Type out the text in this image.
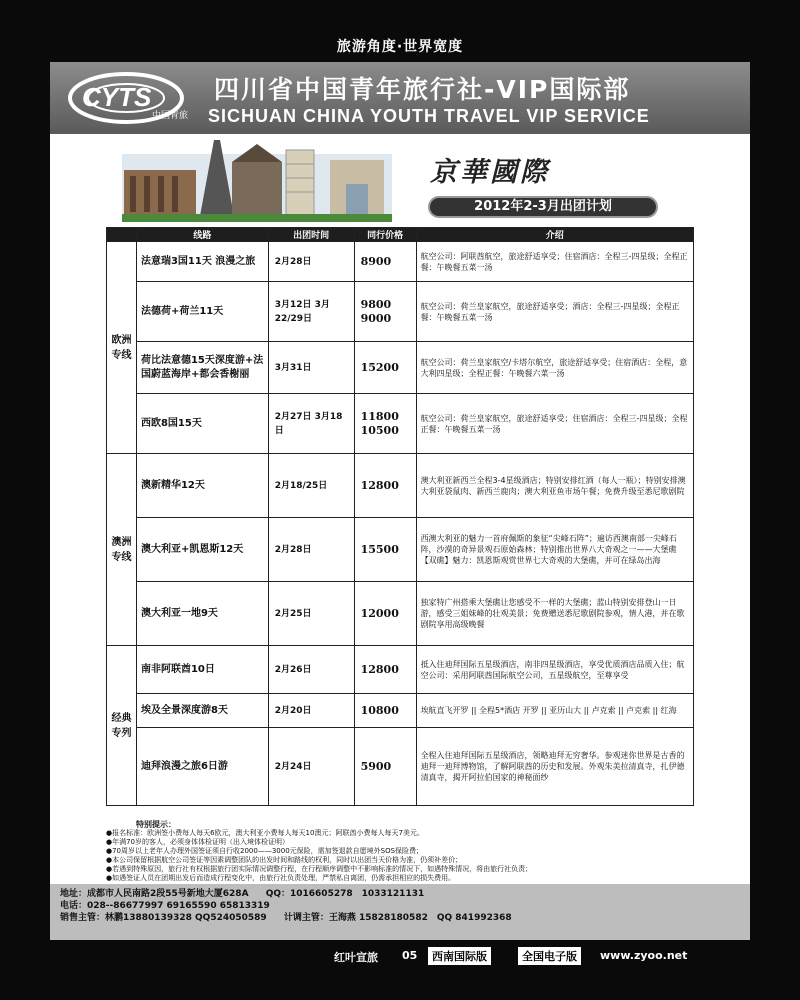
旅游角度·世界宽度
CYTS
中国青旅
四川省中国青年旅行社-VIP国际部
SICHUAN CHINA YOUTH TRAVEL VIP SERVICE
京華國際
2012年2-3月出团计划
	线路	出团时间	同行价格	介绍
欧洲专线	法意瑞3国11天 浪漫之旅	2月28日	8900	航空公司：阿联酋航空，旅途舒适享受；住宿酒店：全程三-四星级；全程正餐：午晚餐五菜一汤
	法德荷+荷兰11天	3月12日 3月22/29日	9800 9000	航空公司：荷兰皇家航空，旅途舒适享受；酒店：全程三-四星级；全程正餐：午晚餐五菜一汤
	荷比法意德15天深度游+法国蔚蓝海岸+都会香榭丽	3月31日	15200	航空公司：荷兰皇家航空/卡塔尔航空，旅途舒适享受；住宿酒店：全程，意大利四星级；全程正餐：午晚餐六菜一汤
	西欧8国15天	2月27日 3月18日	11800 10500	航空公司：荷兰皇家航空，旅途舒适享受；住宿酒店：全程三-四星级；全程正餐：午晚餐五菜一汤
澳洲专线	澳新精华12天	2月18/25日	12800	澳大利亚新西兰全程3-4星级酒店；特别安排红酒（每人一瓶）；特别安排澳大利亚袋鼠肉、新西兰鹿肉；澳大利亚鱼市场午餐；免费升级至悉尼歌剧院
	澳大利亚+凯恩斯12天	2月28日	15500	西澳大利亚的魅力一首府佩斯的象征“尖峰石阵”；遍访西澳南部一尖峰石阵，沙漠的奇异景观石原始森林；特别推出世界八大奇观之一——大堡礁【双礁】魅力：凯恩斯观赏世界七大奇观的大堡礁，并可在绿岛出海
	澳大利亚一地9天	2月25日	12000	独家特广州搭乘大堡礁让您感受不一样的大堡礁；蓝山特别安排登山一日游，感受三姐妹峰的壮观美景；免费赠送悉尼歌剧院参观，情人港，并在歌剧院享用高级晚餐
经典专列	南非阿联酋10日	2月26日	12800	抵入住迪拜国际五星级酒店，南非四星级酒店，享受优质酒店品质入住；航空公司：采用阿联酋国际航空公司，五星级航空，至尊享受
	埃及全景深度游8天	2月20日	10800	埃航直飞开罗 || 全程5*酒店 开罗 || 亚历山大 || 卢克索 || 卢克索 || 红海
	迪拜浪漫之旅6日游	2月24日	5900	全程入住迪拜国际五星级酒店，领略迪拜无穷奢华。参观迷你世界是古香的迪拜一迪拜博物馆，了解阿联酋的历史和发展。外观朱美拉清真寺，扎伊德清真寺，揭开阿拉伯国家的神秘面纱
特别提示：
●报名标准：欧洲签小费每人每天6欧元，澳大利亚小费每人每天10澳元；阿联酋小费每人每天7美元。
●年满70岁的客人，必须身体体检证明（出入境体检证明）
●70周岁以上老年人办理外国签证须自行收2000——3000元保险，需加签退款自愿境外SOS保险费；
●本公司保留根据航空公司签证等因素调整团队的出发时间和路线的权利，同时以出团当天价格为准，仍须补差价；
●若遇到特殊原因，旅行社有权根据旅行团实际情况调整行程，在行程顺序调整中不影响标准的情况下，如遇特殊情况，将由旅行社负责；
●如遇签证人员在团期出发后而造成行程变化中，由旅行社负责处理，严禁私自离团，仍需承担相应的损失费用。
地址：成都市人民南路2段55号新地大厦628A QQ：1016605278　1033121131
电话：028--86677997 69165590 65813319
销售主管：林鹏13880139328 QQ524050589 计调主管：王海燕 15828180582　QQ 841992368
红叶宣旅 05	西南国际版	全国电子版	www.zyoo.net
